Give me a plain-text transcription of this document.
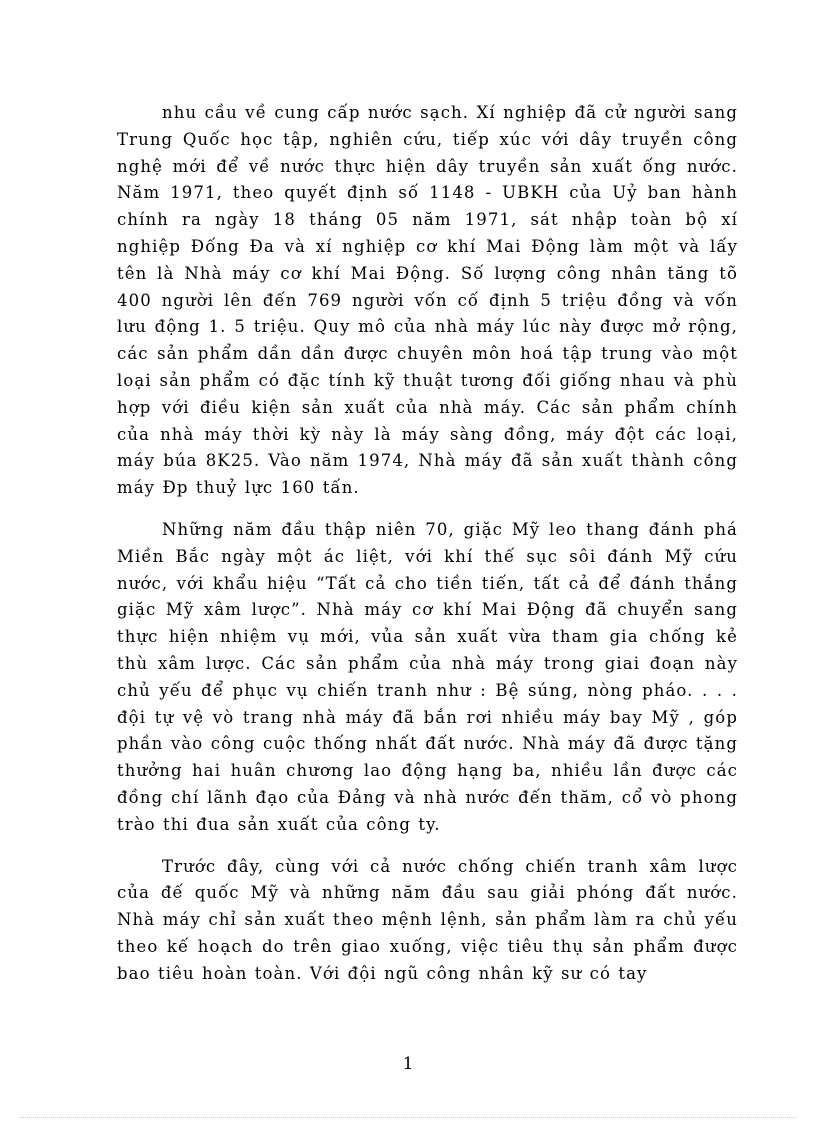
nhu cầu về cung cấp nước sạch. Xí nghiệp đã cử người sang Trung Quốc học tập, nghiên cứu, tiếp xúc với dây truyền công nghệ mới để về nước thực hiện dây truyền sản xuất ống nước. Năm 1971, theo quyết định số 1148 - UBKH của Uỷ ban hành chính ra ngày 18 tháng 05 năm 1971, sát nhập toàn bộ xí nghiệp Đống Đa và xí nghiệp cơ khí Mai Động làm một và lấy tên là Nhà máy cơ khí Mai Động. Số lượng công nhân tăng tõ 400 người lên đến 769 người vốn cố định 5 triệu đồng và vốn lưu động 1. 5 triệu. Quy mô của nhà máy lúc này được mở rộng, các sản phẩm dần dần được chuyên môn hoá tập trung vào một loại sản phẩm có đặc tính kỹ thuật tương đối giống nhau và phù hợp với điều kiện sản xuất của nhà máy. Các sản phẩm chính của nhà máy thời kỳ này là máy sàng đồng, máy đột các loại, máy búa 8K25. Vào năm 1974, Nhà máy đã sản xuất thành công máy Đp thuỷ lực 160 tấn.

Những năm đầu thập niên 70, giặc Mỹ leo thang đánh phá Miền Bắc ngày một ác liệt, với khí thế sục sôi đánh Mỹ cứu nước, với khẩu hiệu “Tất cả cho tiền tiến, tất cả để đánh thắng giặc Mỹ xâm lược”. Nhà máy cơ khí Mai Động đã chuyển sang thực hiện nhiệm vụ mới, vủa sản xuất vừa tham gia chống kẻ thù xâm lược. Các sản phẩm của nhà máy trong giai đoạn này chủ yếu để phục vụ chiến tranh như : Bệ súng, nòng pháo. . . . đội tự vệ vò trang nhà máy đã bắn rơi nhiều máy bay Mỹ , góp phần vào công cuộc thống nhất đất nước. Nhà máy đã được tặng thưởng hai huân chương lao động hạng ba, nhiều lần được các đồng chí lãnh đạo của Đảng và nhà nước đến thăm, cổ vò phong trào thi đua sản xuất của công ty.

Trước đây, cùng với cả nước chống chiến tranh xâm lược của đế quốc Mỹ và những năm đầu sau giải phóng đất nước. Nhà máy chỉ sản xuất theo mệnh lệnh, sản phẩm làm ra chủ yếu theo kế hoạch do trên giao xuống, việc tiêu thụ sản phẩm được bao tiêu hoàn toàn. Với đội ngũ công nhân kỹ sư có tay

1
